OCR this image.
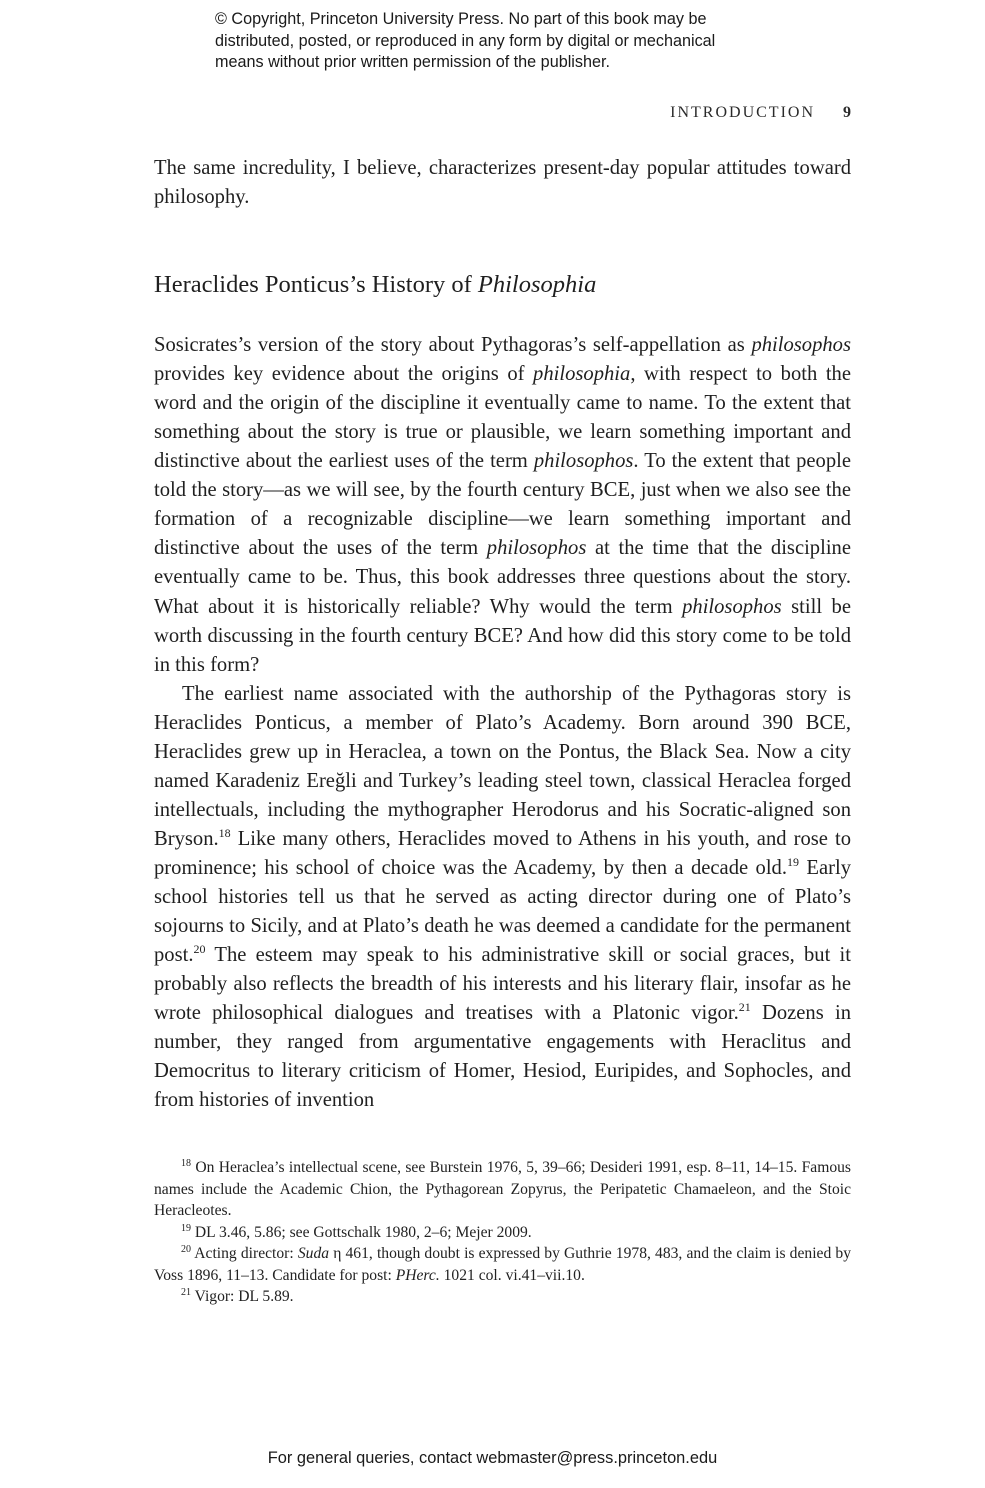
© Copyright, Princeton University Press. No part of this book may be
distributed, posted, or reproduced in any form by digital or mechanical
means without prior written permission of the publisher.
INTRODUCTION 9

The same incredulity, I believe, characterizes present-day popular attitudes toward philosophy.

Heraclides Ponticus’s History of Philosophia

Sosicrates’s version of the story about Pythagoras’s self-appellation as philosophos provides key evidence about the origins of philosophia, with respect to both the word and the origin of the discipline it eventually came to name. To the extent that something about the story is true or plausible, we learn something important and distinctive about the earliest uses of the term philosophos. To the extent that people told the story—as we will see, by the fourth century BCE, just when we also see the formation of a recognizable discipline—we learn something important and distinctive about the uses of the term philosophos at the time that the discipline eventually came to be. Thus, this book addresses three questions about the story. What about it is historically reliable? Why would the term philosophos still be worth discussing in the fourth century BCE? And how did this story come to be told in this form?

The earliest name associated with the authorship of the Pythagoras story is Heraclides Ponticus, a member of Plato’s Academy. Born around 390 BCE, Heraclides grew up in Heraclea, a town on the Pontus, the Black Sea. Now a city named Karadeniz Ereğli and Turkey’s leading steel town, classical Heraclea forged intellectuals, including the mythographer Herodorus and his Socratic-aligned son Bryson.$^{18}$ Like many others, Heraclides moved to Athens in his youth, and rose to prominence; his school of choice was the Academy, by then a decade old.$^{19}$ Early school histories tell us that he served as acting director during one of Plato’s sojourns to Sicily, and at Plato’s death he was deemed a candidate for the permanent post.$^{20}$ The esteem may speak to his administrative skill or social graces, but it probably also reflects the breadth of his interests and his literary flair, insofar as he wrote philosophical dialogues and treatises with a Platonic vigor.$^{21}$ Dozens in number, they ranged from argumentative engagements with Heraclitus and Democritus to literary criticism of Homer, Hesiod, Euripides, and Sophocles, and from histories of invention

$^{18}$ On Heraclea’s intellectual scene, see Burstein 1976, 5, 39–66; Desideri 1991, esp. 8–11, 14–15. Famous names include the Academic Chion, the Pythagorean Zopyrus, the Peripatetic Chamaeleon, and the Stoic Heracleotes.

$^{19}$ DL 3.46, 5.86; see Gottschalk 1980, 2–6; Mejer 2009.

$^{20}$ Acting director: Suda η 461, though doubt is expressed by Guthrie 1978, 483, and the claim is denied by Voss 1896, 11–13. Candidate for post: PHerc. 1021 col. vi.41–vii.10.

$^{21}$ Vigor: DL 5.89.

For general queries, contact webmaster@press.princeton.edu
